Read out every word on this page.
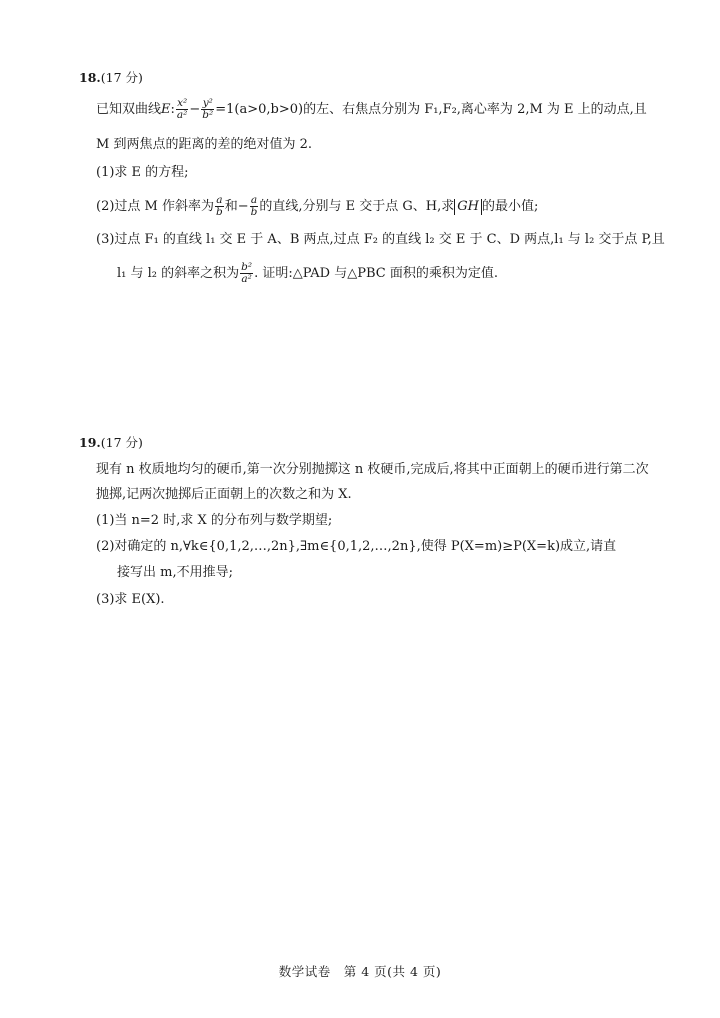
18.(17 分)
已知双曲线E: $\frac{\text{x²}}{\text{a²}} - \frac{\text{y²}}{\text{b²}} =1(a>0,b>0)$的左、右焦点分别为 F₁,F₂,离心率为 2,M 为 E 上的动点,且
M 到两焦点的距离的差的绝对值为 2.
(1)求 E 的方程;
(2)过点 M 作斜率为 $\frac{a}{b}$ 和− $\frac{a}{b}$ 的直线,分别与 E 交于点 G、H,求 GH 的最小值;
(3)过点 F₁ 的直线 l₁ 交 E 于 A、B 两点,过点 F₂ 的直线 l₂ 交 E 于 C、D 两点,l₁ 与 l₂ 交于点 P,且
l₁ 与 l₂ 的斜率之积为 $\frac{\text{b²}}{\text{a²}}$ . 证明:△PAD 与△PBC 面积的乘积为定值.
19.(17 分)
现有 n 枚质地均匀的硬币,第一次分别抛掷这 n 枚硬币,完成后,将其中正面朝上的硬币进行第二次
抛掷,记两次抛掷后正面朝上的次数之和为 X.
(1)当 n=2 时,求 X 的分布列与数学期望;
(2)对确定的 n,∀k∈{0,1,2,…,2n},∃m∈{0,1,2,…,2n},使得 P(X=m)≥P(X=k)成立,请直
接写出 m,不用推导;
(3)求 E(X).
数学试卷　第 4 页(共 4 页)
